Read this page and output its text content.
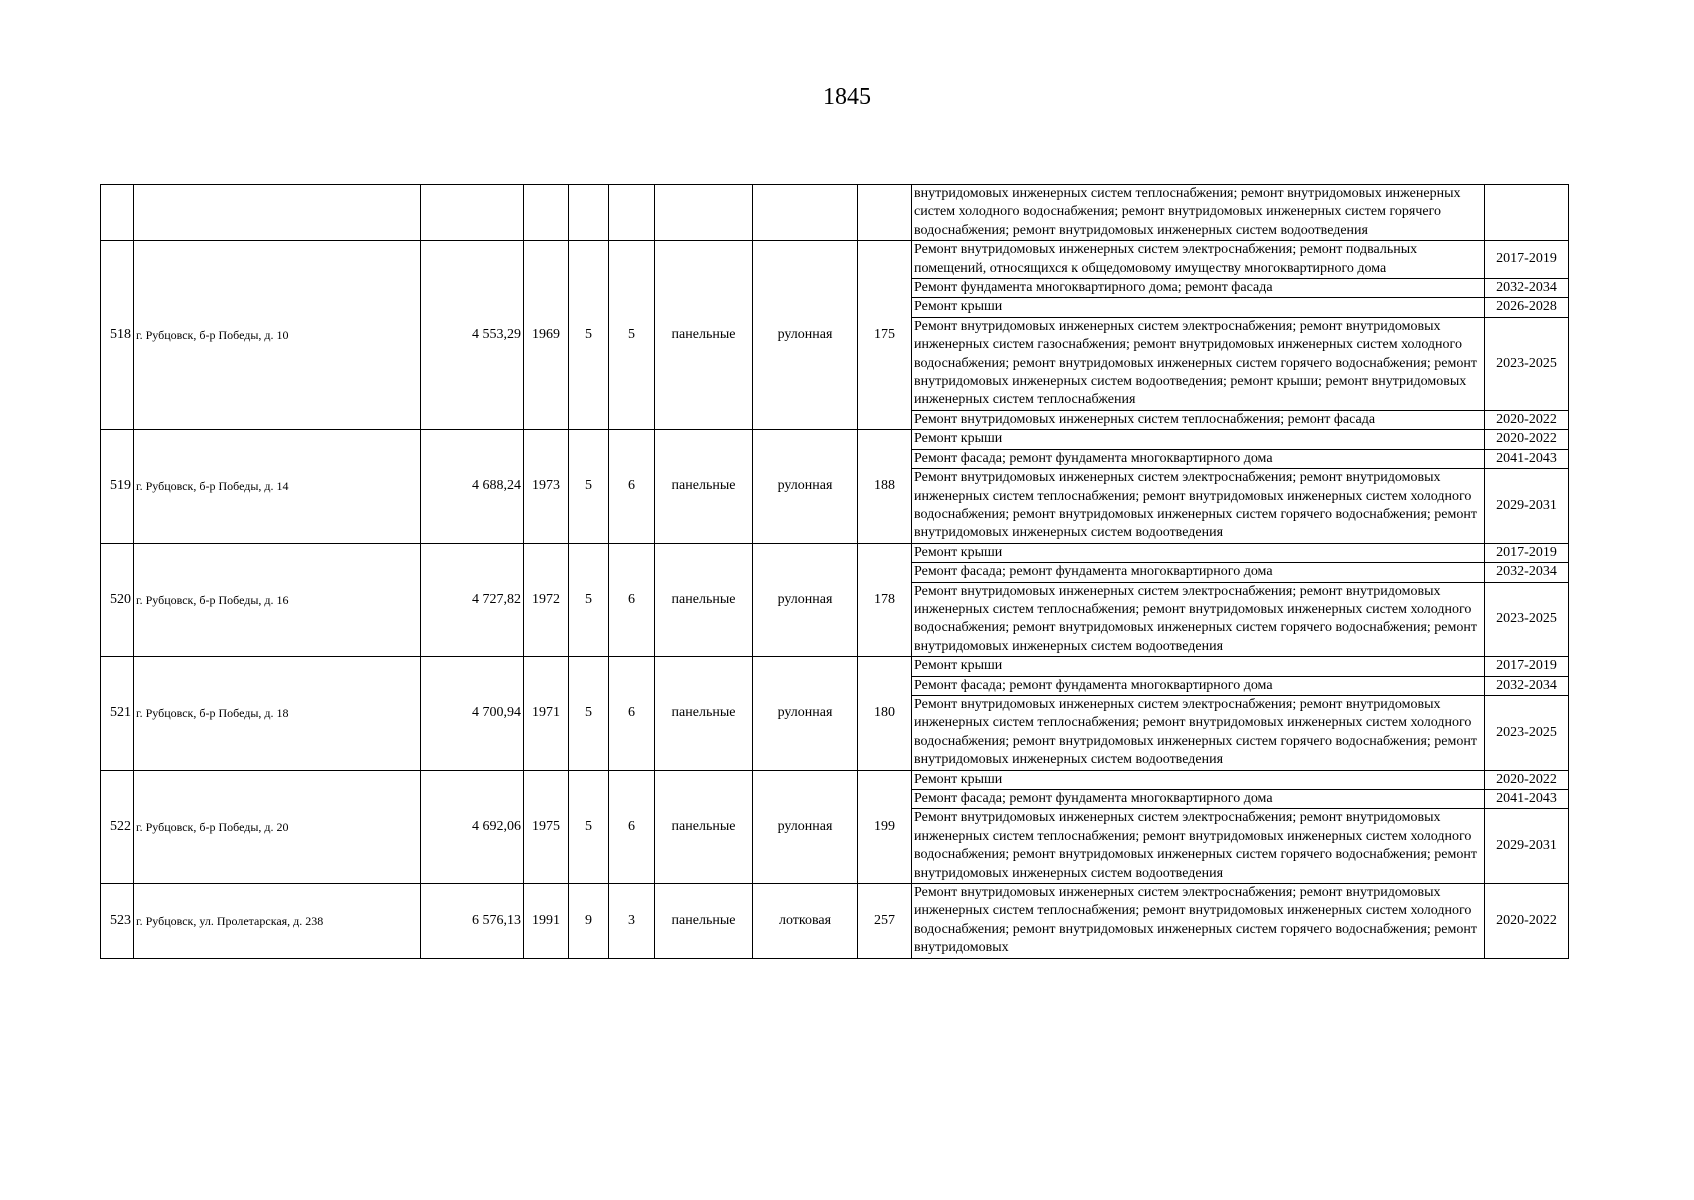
1845
									внутридомовых инженерных систем теплоснабжения; ремонт внутридомовых инженерных систем холодного водоснабжения; ремонт внутридомовых инженерных систем горячего водоснабжения; ремонт внутридомовых инженерных систем водоотведения	
518	г. Рубцовск, б-р Победы, д. 10	4 553,29	1969	5	5	панельные	рулонная	175	Ремонт внутридомовых инженерных систем электроснабжения; ремонт подвальных помещений, относящихся к общедомовому имуществу многоквартирного дома	2017-2019
									Ремонт фундамента многоквартирного дома; ремонт фасада	2032-2034
									Ремонт крыши	2026-2028
									Ремонт внутридомовых инженерных систем электроснабжения; ремонт внутридомовых инженерных систем газоснабжения; ремонт внутридомовых инженерных систем холодного водоснабжения; ремонт внутридомовых инженерных систем горячего водоснабжения; ремонт внутридомовых инженерных систем водоотведения; ремонт крыши; ремонт внутридомовых инженерных систем теплоснабжения	2023-2025
									Ремонт внутридомовых инженерных систем теплоснабжения; ремонт фасада	2020-2022
519	г. Рубцовск, б-р Победы, д. 14	4 688,24	1973	5	6	панельные	рулонная	188	Ремонт крыши	2020-2022
									Ремонт фасада; ремонт фундамента многоквартирного дома	2041-2043
									Ремонт внутридомовых инженерных систем электроснабжения; ремонт внутридомовых инженерных систем теплоснабжения; ремонт внутридомовых инженерных систем холодного водоснабжения; ремонт внутридомовых инженерных систем горячего водоснабжения; ремонт внутридомовых инженерных систем водоотведения	2029-2031
520	г. Рубцовск, б-р Победы, д. 16	4 727,82	1972	5	6	панельные	рулонная	178	Ремонт крыши	2017-2019
									Ремонт фасада; ремонт фундамента многоквартирного дома	2032-2034
									Ремонт внутридомовых инженерных систем электроснабжения; ремонт внутридомовых инженерных систем теплоснабжения; ремонт внутридомовых инженерных систем холодного водоснабжения; ремонт внутридомовых инженерных систем горячего водоснабжения; ремонт внутридомовых инженерных систем водоотведения	2023-2025
521	г. Рубцовск, б-р Победы, д. 18	4 700,94	1971	5	6	панельные	рулонная	180	Ремонт крыши	2017-2019
									Ремонт фасада; ремонт фундамента многоквартирного дома	2032-2034
									Ремонт внутридомовых инженерных систем электроснабжения; ремонт внутридомовых инженерных систем теплоснабжения; ремонт внутридомовых инженерных систем холодного водоснабжения; ремонт внутридомовых инженерных систем горячего водоснабжения; ремонт внутридомовых инженерных систем водоотведения	2023-2025
522	г. Рубцовск, б-р Победы, д. 20	4 692,06	1975	5	6	панельные	рулонная	199	Ремонт крыши	2020-2022
									Ремонт фасада; ремонт фундамента многоквартирного дома	2041-2043
									Ремонт внутридомовых инженерных систем электроснабжения; ремонт внутридомовых инженерных систем теплоснабжения; ремонт внутридомовых инженерных систем холодного водоснабжения; ремонт внутридомовых инженерных систем горячего водоснабжения; ремонт внутридомовых инженерных систем водоотведения	2029-2031
523	г. Рубцовск, ул. Пролетарская, д. 238	6 576,13	1991	9	3	панельные	лотковая	257	Ремонт внутридомовых инженерных систем электроснабжения; ремонт внутридомовых инженерных систем теплоснабжения; ремонт внутридомовых инженерных систем холодного водоснабжения; ремонт внутридомовых инженерных систем горячего водоснабжения; ремонт внутридомовых	2020-2022
